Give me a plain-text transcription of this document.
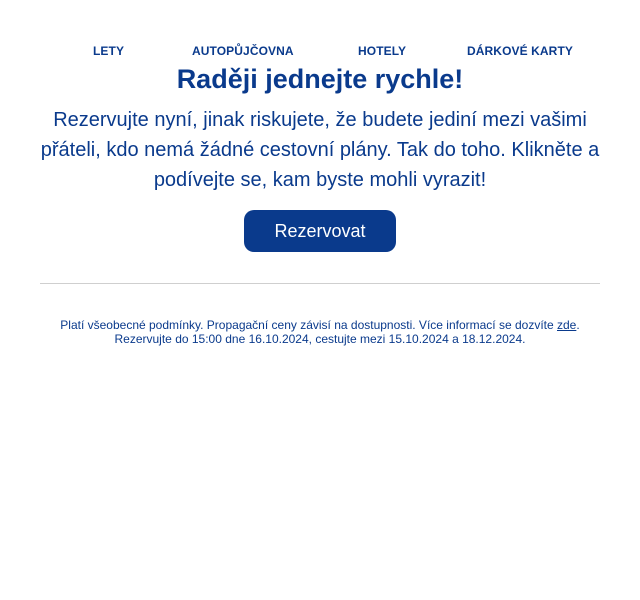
LETY	AUTOPŮJČOVNA	HOTELY	DÁRKOVÉ KARTY
Raději jednejte rychle!

Rezervujte nyní, jinak riskujete, že budete jediní mezi vašimi přáteli, kdo nemá žádné cestovní plány. Tak do toho. Klikněte a podívejte se, kam byste mohli vyrazit!

Rezervovat
Platí všeobecné podmínky. Propagační ceny závisí na dostupnosti. Více informací se dozvíte zde.
Rezervujte do 15:00 dne 16.10.2024, cestujte mezi 15.10.2024 a 18.12.2024.
